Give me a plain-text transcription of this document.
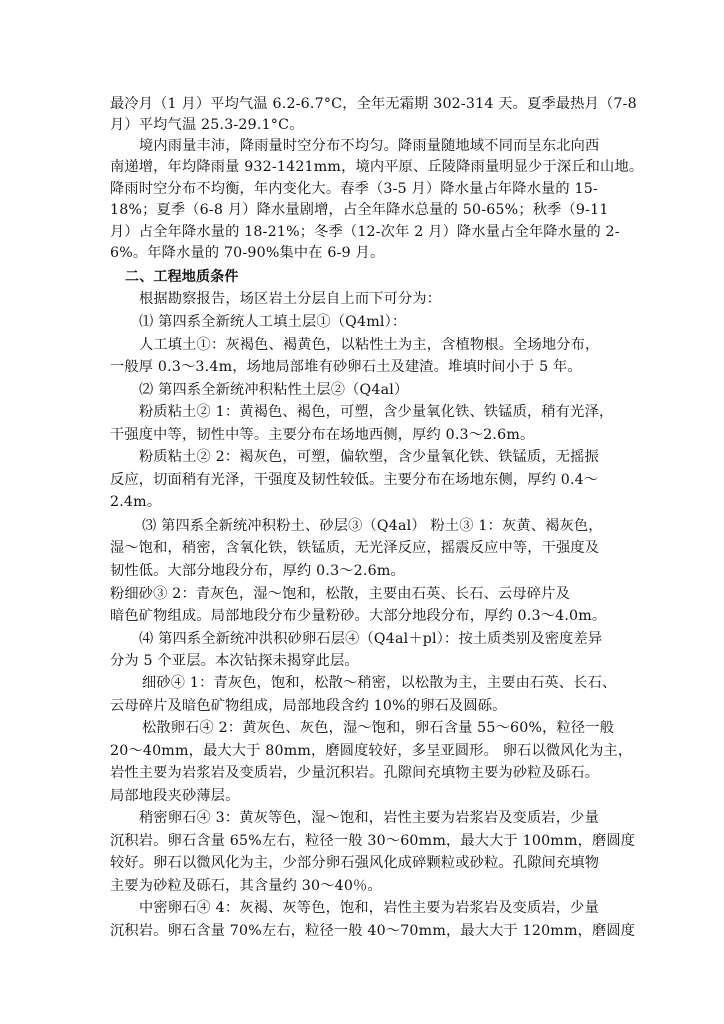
最冷月（1 月）平均气温 6.2-6.7°C，全年无霜期 302-314 天。夏季最热月（7-8
月）平均气温 25.3-29.1°C。
境内雨量丰沛，降雨量时空分布不均匀。降雨量随地域不同而呈东北向西
南递增，年均降雨量 932-1421mm，境内平原、丘陵降雨量明显少于深丘和山地。
降雨时空分布不均衡，年内变化大。春季（3-5 月）降水量占年降水量的 15-
18%；夏季（6-8 月）降水量剧增，占全年降水总量的 50-65%；秋季（9-11
月）占全年降水量的 18-21%；冬季（12-次年 2 月）降水量占全年降水量的 2-
6%。年降水量的 70-90%集中在 6-9 月。
二、工程地质条件
根据勘察报告，场区岩土分层自上而下可分为：
⑴ 第四系全新统人工填土层①（Q4ml）：
人工填土①：灰褐色、褐黄色，以粘性土为主，含植物根。全场地分布，
一般厚 0.3～3.4m，场地局部堆有砂卵石土及建渣。堆填时间小于 5 年。
⑵ 第四系全新统冲积粘性土层②（Q4al）
粉质粘土② 1：黄褐色、褐色，可塑，含少量氧化铁、铁锰质，稍有光泽，
干强度中等，韧性中等。主要分布在场地西侧，厚约 0.3～2.6m。
粉质粘土② 2：褐灰色，可塑，偏软塑，含少量氧化铁、铁锰质，无摇振
反应，切面稍有光泽，干强度及韧性较低。主要分布在场地东侧，厚约 0.4～
2.4m。
⑶ 第四系全新统冲积粉土、砂层③（Q4al） 粉土③ 1：灰黄、褐灰色，
湿～饱和，稍密，含氧化铁，铁锰质，无光泽反应，摇震反应中等，干强度及
韧性低。大部分地段分布，厚约 0.3～2.6m。
粉细砂③ 2：青灰色，湿～饱和，松散，主要由石英、长石、云母碎片及
暗色矿物组成。局部地段分布少量粉砂。大部分地段分布，厚约 0.3～4.0m。
⑷ 第四系全新统冲洪积砂卵石层④（Q4al＋pl）：按土质类别及密度差异
分为 5 个亚层。本次钻探未揭穿此层。
细砂④ 1：青灰色，饱和，松散～稍密，以松散为主，主要由石英、长石、
云母碎片及暗色矿物组成，局部地段含约 10%的卵石及圆砾。
松散卵石④ 2：黄灰色、灰色，湿～饱和，卵石含量 55～60%，粒径一般
20～40mm，最大大于 80mm，磨圆度较好，多呈亚圆形。 卵石以微风化为主，
岩性主要为岩浆岩及变质岩，少量沉积岩。孔隙间充填物主要为砂粒及砾石。
局部地段夹砂薄层。
稍密卵石④ 3：黄灰等色，湿～饱和，岩性主要为岩浆岩及变质岩，少量
沉积岩。卵石含量 65%左右，粒径一般 30～60mm，最大大于 100mm，磨圆度
较好。卵石以微风化为主，少部分卵石强风化成碎颗粒或砂粒。孔隙间充填物
主要为砂粒及砾石，其含量约 30～40％。
中密卵石④ 4：灰褐、灰等色，饱和，岩性主要为岩浆岩及变质岩，少量
沉积岩。卵石含量 70%左右，粒径一般 40～70mm，最大大于 120mm，磨圆度
